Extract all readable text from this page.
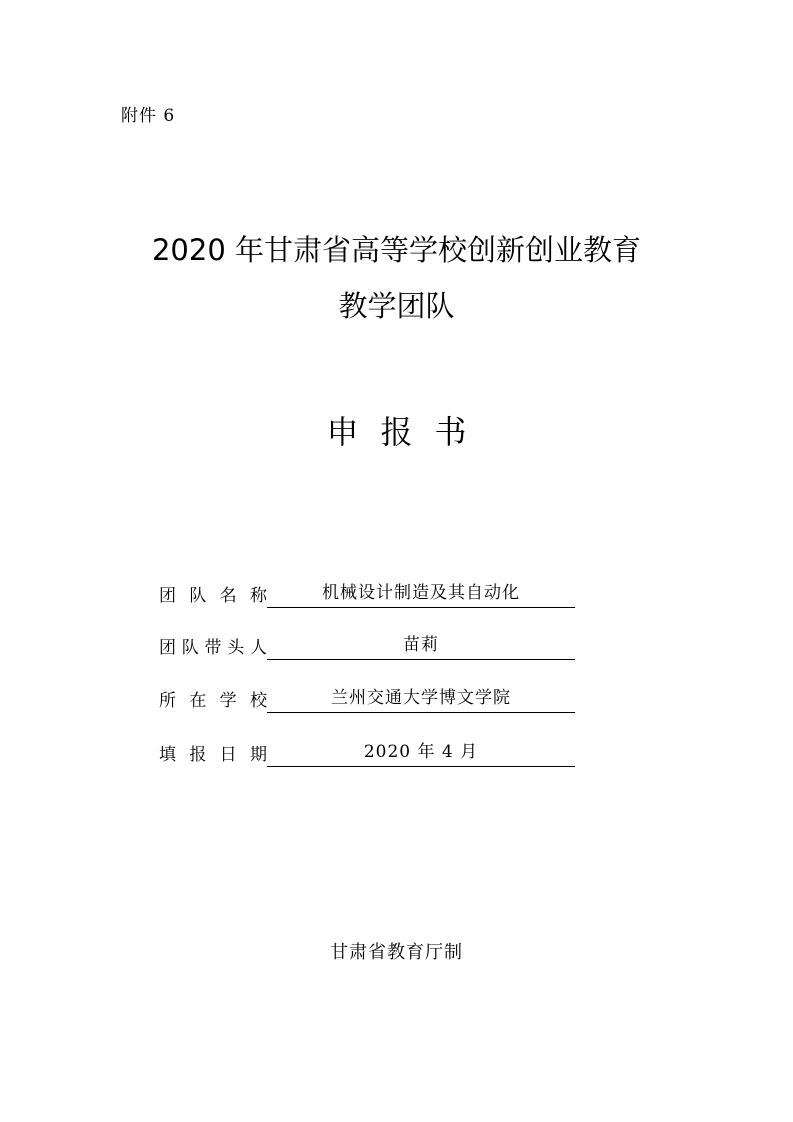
附件 6
2020 年甘肃省高等学校创新创业教育
教学团队
申报书
团队名称	机械设计制造及其自动化
团队带头人	苗莉
所在学校	兰州交通大学博文学院
填报日期	2020 年 4 月
甘肃省教育厅制
